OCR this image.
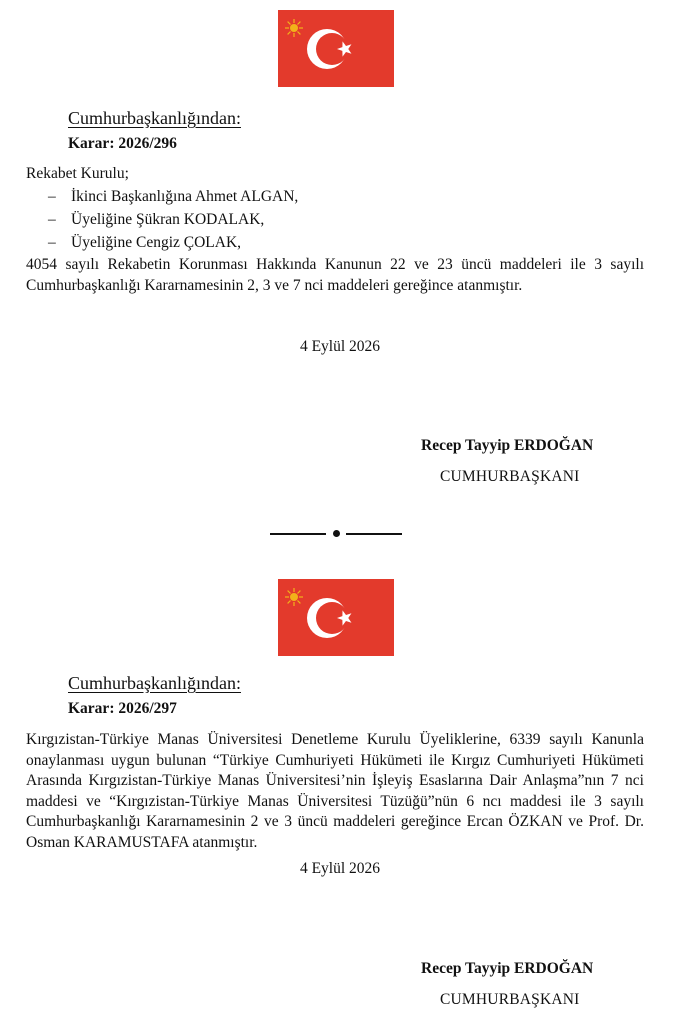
Cumhurbaşkanlığından:
Karar: 2026/296
Rekabet Kurulu;
– İkinci Başkanlığına Ahmet ALGAN,
– Üyeliğine Şükran KODALAK,
– Üyeliğine Cengiz ÇOLAK,

4054 sayılı Rekabetin Korunması Hakkında Kanunun 22 ve 23 üncü maddeleri ile 3 sayılı Cumhurbaşkanlığı Kararnamesinin 2, 3 ve 7 nci maddeleri gereğince atanmıştır.

4 Eylül 2026
Recep Tayyip ERDOĞAN
CUMHURBAŞKANI
Cumhurbaşkanlığından:
Karar: 2026/297

Kırgızistan-Türkiye Manas Üniversitesi Denetleme Kurulu Üyeliklerine, 6339 sayılı Kanunla onaylanması uygun bulunan “Türkiye Cumhuriyeti Hükümeti ile Kırgız Cumhuriyeti Hükümeti Arasında Kırgızistan-Türkiye Manas Üniversitesi’nin İşleyiş Esaslarına Dair Anlaşma”nın 7 nci maddesi ve “Kırgızistan-Türkiye Manas Üniversitesi Tüzüğü”nün 6 ncı maddesi ile 3 sayılı Cumhurbaşkanlığı Kararnamesinin 2 ve 3 üncü maddeleri gereğince Ercan ÖZKAN ve Prof. Dr. Osman KARAMUSTAFA atanmıştır.

4 Eylül 2026
Recep Tayyip ERDOĞAN
CUMHURBAŞKANI
